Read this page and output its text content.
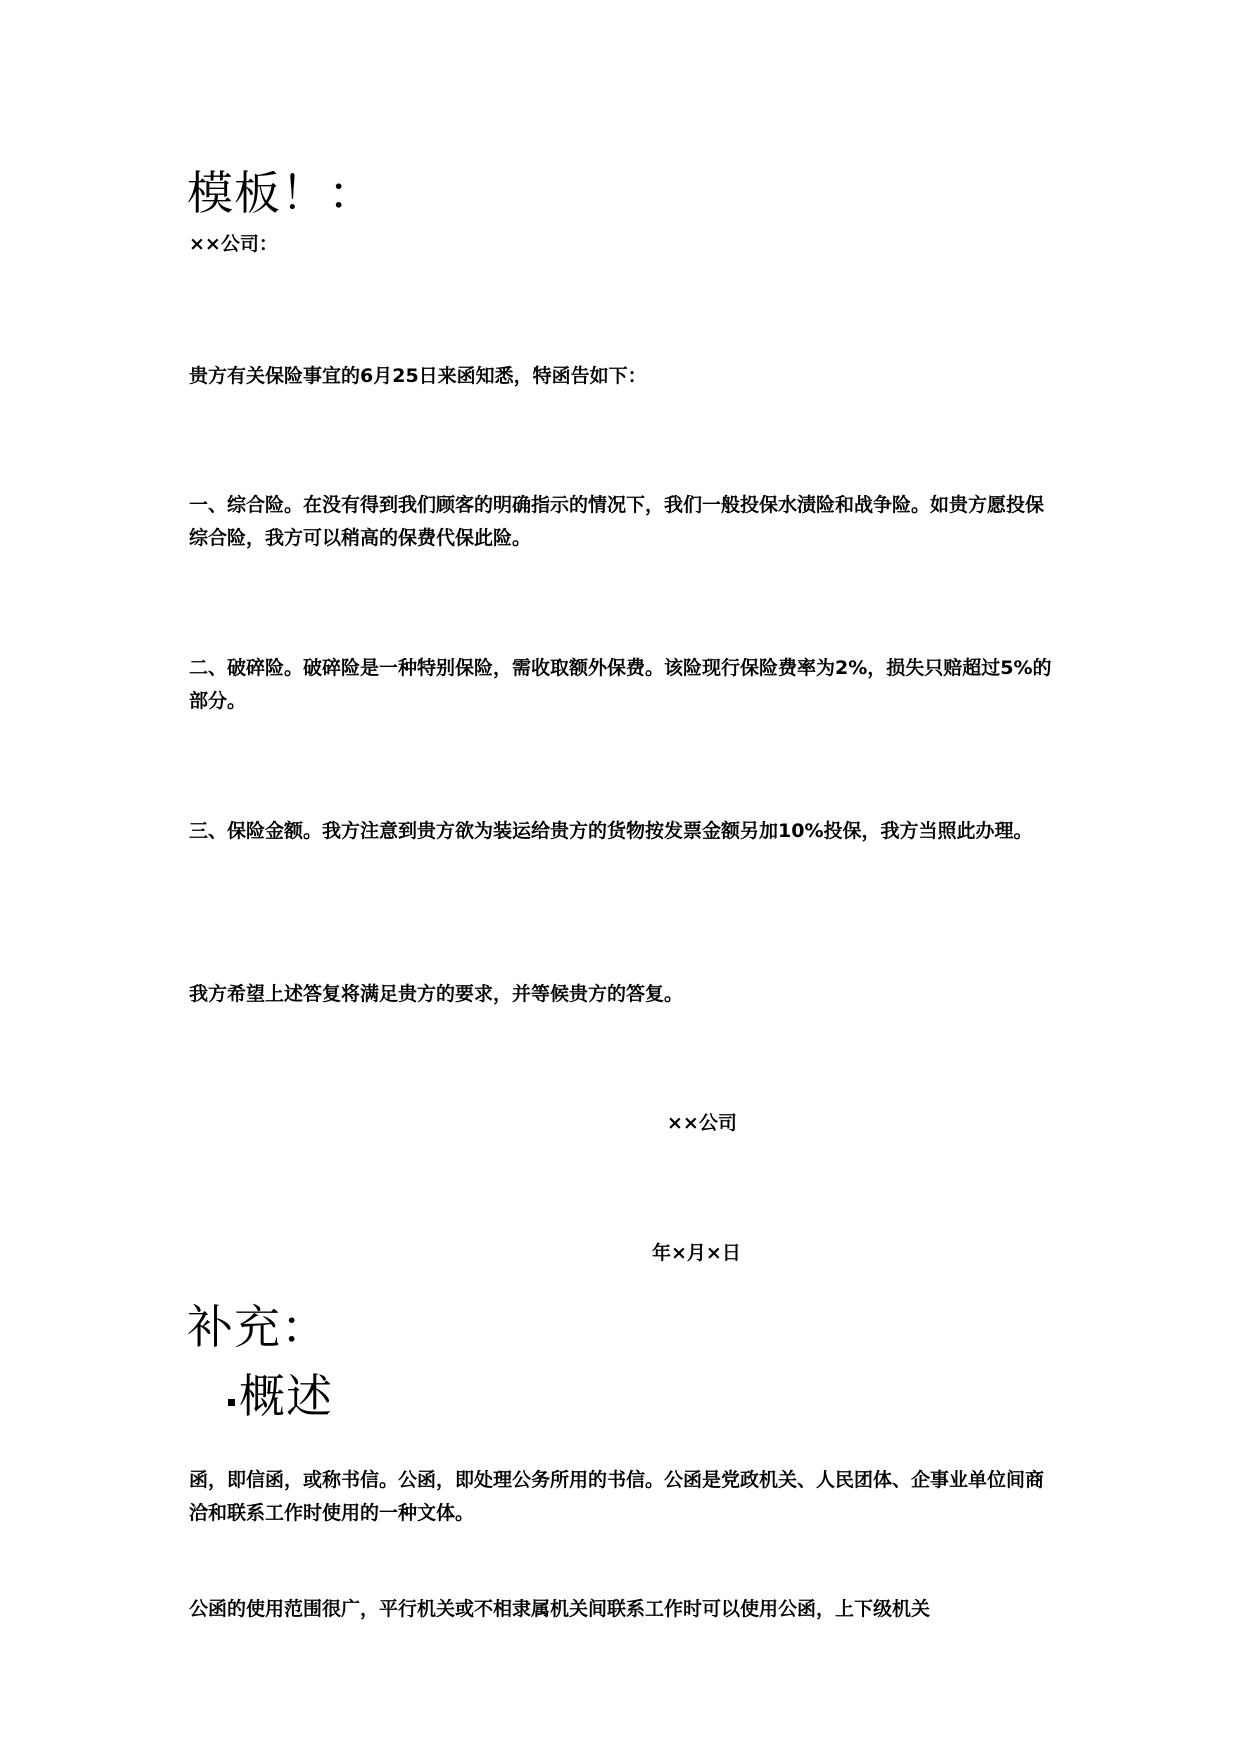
模板！：

××公司：

贵方有关保险事宜的6月25日来函知悉，特函告如下：

一、综合险。在没有得到我们顾客的明确指示的情况下，我们一般投保水渍险和战争险。如贵方愿投保综合险，我方可以稍高的保费代保此险。

二、破碎险。破碎险是一种特别保险，需收取额外保费。该险现行保险费率为2%，损失只赔超过5%的部分。

三、保险金额。我方注意到贵方欲为装运给贵方的货物按发票金额另加10%投保，我方当照此办理。

我方希望上述答复将满足贵方的要求，并等候贵方的答复。

××公司

年×月×日

补充：
概述

函，即信函，或称书信。公函，即处理公务所用的书信。公函是党政机关、人民团体、企事业单位间商洽和联系工作时使用的一种文体。

公函的使用范围很广，平行机关或不相隶属机关间联系工作时可以使用公函，上下级机关
